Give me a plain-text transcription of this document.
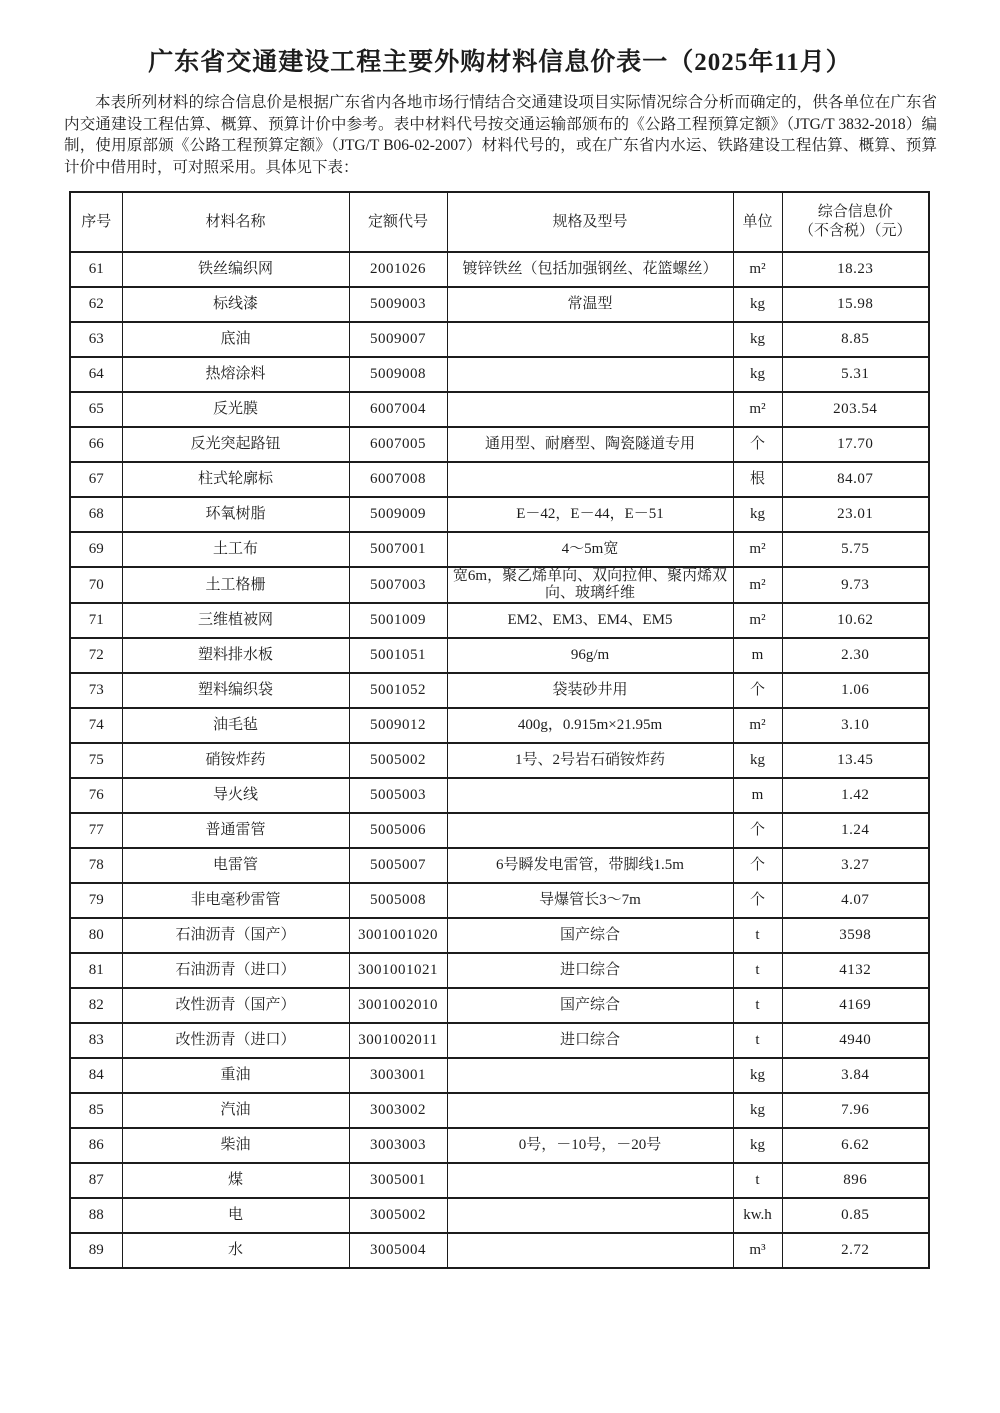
广东省交通建设工程主要外购材料信息价表一（2025年11月）

本表所列材料的综合信息价是根据广东省内各地市场行情结合交通建设项目实际情况综合分析而确定的，供各单位在广东省内交通建设工程估算、概算、预算计价中参考。表中材料代号按交通运输部颁布的《公路工程预算定额》（JTG/T 3832-2018）编制，使用原部颁《公路工程预算定额》（JTG/T B06-02-2007）材料代号的，或在广东省内水运、铁路建设工程估算、概算、预算计价中借用时，可对照采用。具体见下表：

序号	材料名称	定额代号	规格及型号	单位	综合信息价
（不含税）（元）

61	铁丝编织网	2001026	镀锌铁丝（包括加强钢丝、花篮螺丝）	m²	18.23
62	标线漆	5009003	常温型	kg	15.98
63	底油	5009007		kg	8.85
64	热熔涂料	5009008		kg	5.31
65	反光膜	6007004		m²	203.54
66	反光突起路钮	6007005	通用型、耐磨型、陶瓷隧道专用	个	17.70
67	柱式轮廓标	6007008		根	84.07
68	环氧树脂	5009009	E－42，E－44，E－51	kg	23.01
69	土工布	5007001	4～5m宽	m²	5.75
70	土工格栅	5007003	宽6m，聚乙烯单向、双向拉伸、聚丙烯双向、玻璃纤维	m²	9.73
71	三维植被网	5001009	EM2、EM3、EM4、EM5	m²	10.62
72	塑料排水板	5001051	96g/m	m	2.30
73	塑料编织袋	5001052	袋装砂井用	个	1.06
74	油毛毡	5009012	400g，0.915m×21.95m	m²	3.10
75	硝铵炸药	5005002	1号、2号岩石硝铵炸药	kg	13.45
76	导火线	5005003		m	1.42
77	普通雷管	5005006		个	1.24
78	电雷管	5005007	6号瞬发电雷管，带脚线1.5m	个	3.27
79	非电毫秒雷管	5005008	导爆管长3～7m	个	4.07
80	石油沥青（国产）	3001001020	国产综合	t	3598
81	石油沥青（进口）	3001001021	进口综合	t	4132
82	改性沥青（国产）	3001002010	国产综合	t	4169
83	改性沥青（进口）	3001002011	进口综合	t	4940
84	重油	3003001		kg	3.84
85	汽油	3003002		kg	7.96
86	柴油	3003003	0号，－10号，－20号	kg	6.62
87	煤	3005001		t	896
88	电	3005002		kw.h	0.85
89	水	3005004		m³	2.72
